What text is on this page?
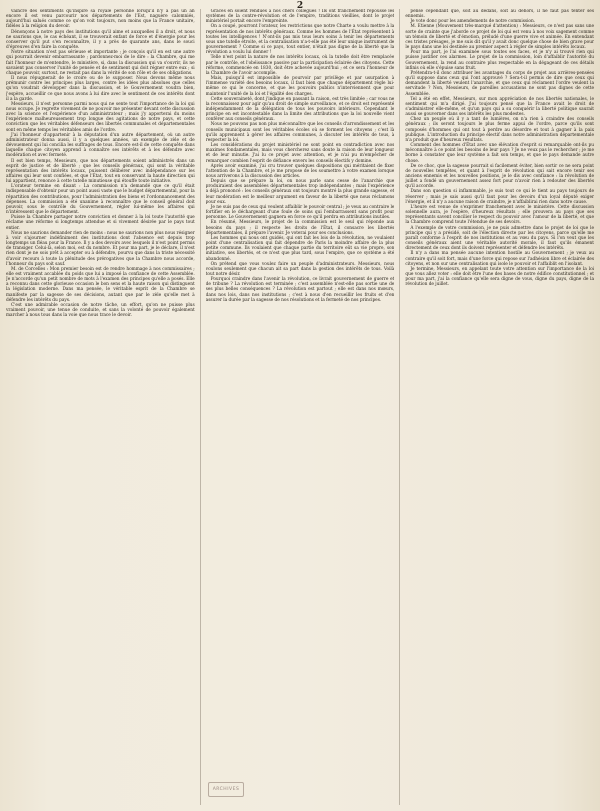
2

vaincre des sentiments qu'inspire sa royale personne lorsqu'il n'y a pas un an encore il est venu parcourir nos départements de l'Est, naguère calomniés, aujourd'hui salués comme ce qu'on voit toujours, non moins que la France unitaire, fidèles à la religion du devoir.

Dénonçons à notre pays des institutions qu'il aime et auxquelles il a droit, et nous ne saurions que, le cas échéant, il se trouverait enfant de force et d'énergie pour les conserver qu'il put s'en reconnaître, il y a près de quarante ans, dans le souci d'épreuves d'en faire la conquête.

Notre situation n'est pas sérieuse et importante ; je conçois qu'il en est une autre qui pourrait devenir embarrassante ; pardonnez-moi de le dire : la Chambre, qui me fait l'honneur de m'entendre, le ministère, si, dans la discussion qui va s'ouvrir, ils ne savaient pas conserver l'unité de pensée et de sentiment qui doit régner entre eux ; si chaque pouvoir, surtout, ne restait pas dans la vérité de son rôle et de ses obligations.

Il nous répugnerait de le croire ou de le supposer. Nous devons même nous prémunir contre les principes plus larges, contre les idées plus absolues que celles qu'on voudrait développer dans la discussion, et le Gouvernement voudra bien, j'espère, accueillir ce que nous avons à lui dire avec le sentiment de ces intérêts dont il a la garde.

Messieurs, il n'est personne parmi nous qui ne sente tout l'importance de la loi qui nous occupe. Je regrette vivement de ne pouvoir me présenter devant cette discussion avec la science et l'expérience d'un administrateur ; mais j'y apporterai du moins l'expérience malheureusement trop longue des agitations de notre pays, et cette conviction que les véritables défenseurs des libertés communales et départementales sont en même temps les véritables amis de l'ordre.

J'ai l'honneur d'appartenir à la députation d'un autre département, où un autre administrateur donna aussi, il y a quelques années, un exemple de zèle et de dévouement qui lui concilia les suffrages de tous. Encore est-il de cette conquête dans laquelle chaque citoyen apprend à connaître ses intérêts et à les défendre avec modération et avec fermeté.

Il est bien temps, Messieurs, que nos départements soient administrés dans un esprit de justice et de liberté ; que les conseils généraux, qui sont la véritable représentation des intérêts locaux, puissent délibérer avec indépendance sur les affaires qui leur sont confiées, et que l'État, tout en conservant la haute direction qui lui appartient, renonce à cette tutelle minutieuse qui étouffe toute initiative.

L'orateur termine en disant : La commission n'a demandé que ce qu'il était indispensable d'obtenir pour un point aussi vaste que le budget départemental, pour la répartition des contributions, pour l'administration des biens et l'ordonnancement des dépenses. La commission a été unanime à reconnaître que le conseil général doit pouvoir, sous le contrôle du Gouvernement, régler lui-même les affaires qui n'intéressent que le département.

Puisse la Chambre partager notre conviction et donner à la loi toute l'autorité que réclame une réforme si longtemps attendue et si vivement désirée par le pays tout entier.

Nous ne saurions demander rien de moins : nous ne saurions non plus nous résigner à voir s'ajourner indéfiniment des institutions dont l'absence est depuis trop longtemps un fléau pour la France. Il y a des devoirs avec lesquels il n'est point permis de transiger. Celui-là, selon moi, est du nombre. Et pour ma part, je le déclare, il n'est rien dont je ne sois prêt à accepter ou à défendre, pourvu que dans la triste nécessité d'avoir recours à toute la plénitude des prérogatives que la Chambre nous accorde, l'honneur du pays soit sauf.

M. de Corcelles : Mon premier besoin est de rendre hommage à nos commissaires ; elle est vraiment accablée du poids que lui a imposé la confiance de cette Assemblée. Je n'accorde qu'un petit nombre de mots à l'examen des principes qu'elle a posés. Elle a reconnu dans cette glorieuse occasion le bon sens et la haute raison qui distinguent la législation moderne. Dans ma pensée, le véritable esprit de la Chambre se manifeste par la sagesse de ses décisions, autant que par le zèle qu'elle met à défendre les intérêts du pays.

C'est une admirable occasion de notre tâche, un effort, qu'on ne puisse plus vraiment pouvoir, une tenue de conduite, et sans la volonté de pouvoir également marcher à nous tous dans la voie que nous trace le devoir.

Grâces en soient rendues à nos chers collègues ! Ils ont franchement repoussé les systèmes de la contre-révolution et de l'empire, traditions vieillies, dont le projet ministériel portait encore l'empreinte.

On a coupé, pourront l'orateur, les restrictions que notre Charte a voulu mettre à la représentation de nos intérêts généraux. Comme les hommes de l'État représentent à toutes les intelligences ! N'ont-ils pas mis tous leurs soins à tenir les départements sous une tutelle étroite, et la centralisation n'a-t-elle pas été leur unique instrument de gouvernement ? Comme si ce pays, tout entier, n'était pas digne de la liberté que la révolution a voulu lui donner !

Telle n'est point la nature de nos intérêts locaux, où la tutelle doit être remplacée par le contrôle, et l'obéissance passive par la participation éclairée des citoyens. Cette réforme, commencée en 1830, doit être achevée aujourd'hui ; et ce sera l'honneur de la Chambre de l'avoir accomplie.

Mais, puisqu'il est impossible de pourvoir par privilège et par usurpation à l'immense variété des besoins locaux, il faut bien que chaque département règle lui-même ce qui le concerne, et que les pouvoirs publics n'interviennent que pour maintenir l'unité de la loi et l'égalité des charges.

Cette souveraineté, dont j'indique en passant la raison, est très limitée ; car vous ne la reconnaissez pour agir qu'au droit de simple surveillance, et ce droit est représenté indépendamment de la délégation de tous les pouvoirs intérieurs. Cependant le principe en est incontestable dans la limite des attributions que la loi nouvelle vient conférer aux conseils généraux.

Nous ne pouvons pas non plus méconnaître que les conseils d'arrondissement et les conseils municipaux sont les véritables écoles où se forment les citoyens ; c'est là qu'ils apprennent à gérer les affaires communes, à discuter les intérêts de tous, à respecter la loi.

Les considérations du projet ministériel ne sont point en contradiction avec nos maximes fondamentales, mais vous chercherez sans doute la raison de leur longueur et de leur minutie. J'ai lu ce projet avec attention, et je n'ai pu m'empêcher de remarquer combien l'esprit de défiance envers les conseils électifs y domine.

Après avoir examiné, j'ai cru trouver quelques dispositions qui méritaient de fixer l'attention de la Chambre, et je me propose de les soumettre à votre examen lorsque nous arriverons à la discussion des articles.

Depuis que se prépare la loi, on nous parle sans cesse de l'anarchie que produiraient des assemblées départementales trop indépendantes ; mais l'expérience a déjà prononcé : les conseils généraux ont toujours montré la plus grande sagesse, et leur modération est le meilleur argument en faveur de la liberté que nous réclamons pour eux.

Je ne suis pas de ceux qui veulent affaiblir le pouvoir central ; je veux au contraire le fortifier en le déchargeant d'une foule de soins qui l'embarrassent sans profit pour personne. Le Gouvernement gagnera en force ce qu'il perdra en attributions inutiles.

En résumé, Messieurs, le projet de la commission est le seul qui réponde aux besoins du pays ; il respecte les droits de l'État, il consacre les libertés départementales, il prépare l'avenir. Je voterai pour ses conclusions.

Les hommes qui nous ont guidés, qui ont fait les lois de la révolution, ne voulaient point d'une centralisation qui fait dépendre de Paris la moindre affaire de la plus petite commune. Ils voulaient que chaque partie du territoire eût sa vie propre, son initiative, ses libertés, et ce n'est que plus tard, sous l'empire, que ce système a été abandonné.

On prétend que vous voulez faire un peuple d'administrateurs. Messieurs, nous voulons seulement que chacun ait sa part dans la gestion des intérêts de tous. Voilà tout notre désir.

Pourquoi craindre dans l'avenir la révolution, ce livrait gouvernement de guerre et de tribune ? La révolution est terminée ; c'est assemblée n'est-elle pas sortie une de ses plus belles conséquences ? La révolution est partout ; elle est dans nos mœurs, dans nos lois, dans nos institutions ; c'est à nous d'en recueillir les fruits et d'en assurer la durée par la sagesse de nos résolutions et la fermeté de nos principes.

pense cependant que, soit au dedans, soit au dehors, il ne faut pas tenter ses ennemis.

Je vote donc pour les amendements de notre commission.

M. Etienne (Mouvement très-marqué d'attention) : Messieurs, ce n'est pas sans une sorte de crainte que j'aborde ce projet de loi qui est venu à nos voix sagement comme un témoin de liberté et d'émotion, préludé d'une guerre vive et animée. En entendant ces tristes présages, je me suis dit qu'il y avait donc quelque chose de bien grave pour le pays dans une loi destinée au premier aspect à régler de simples intérêts locaux.

Pour ma part, je l'ai examinée sous toutes ses faces, et je n'y ai trouvé rien qui puisse justifier ces alarmes. Le projet de la commission, loin d'affaiblir l'autorité du Gouvernement, la rend au contraire plus respectable en la dégageant de ces détails infinis où elle s'épuise sans fruit.

Prétendra-t-il donc attribuer les avantages du corps de projet aux arrières-pensées qu'il suppose dans ceux qui l'ont approuvé ? Sera-t-il permis de dire que ceux qui demandent la liberté veulent l'anarchie, et que ceux qui réclament l'ordre veulent la servitude ? Non, Messieurs, de pareilles accusations ne sont pas dignes de cette Assemblée.

Tel a été en effet, Messieurs, sur mon appréciation de nos libertés nationales, le sentiment qui m'a dirigé. J'ai toujours pensé que la France avait le droit de s'administrer elle-même, et qu'un pays qui a su conquérir la liberté politique saurait aussi se gouverner dans ses intérêts les plus modestes.

Chez un peuple où il y a tant de lumières, on n'a rien à craindre des conseils généraux ; ils seront toujours le plus ferme appui de l'ordre, parce qu'ils sont composés d'hommes qui ont tout à perdre au désordre et tout à gagner à la paix publique. L'introduction du principe électif dans notre administration départementale n'a produit que d'heureux résultats.

Comment des hommes d'État avec une élévation d'esprit si remarquable ont-ils pu méconnaître à ce point les besoins de leur pays ? Je ne veux pas le rechercher ; je me borne à constater que leur système a fait son temps, et que le pays demande autre chose.

De ce choc, que la sagesse pourrait si facilement éviter, bien sortir ce ne sera point de nouvelles tempêtes, et quant à l'esprit de révolution qui sait encore tenir ses anciens ennemis et les nouvelles positions, je le dis avec confiance : la révolution de juillet a fondé un gouvernement assez fort pour n'avoir rien à redouter des libertés qu'il accorde.

Dans son question si inflammable, je suis tout ce qui le tient au pays toujours de réserver ; mais je sais aussi qu'il faut pour les devoirs d'un loyal député exiger l'énergie, et il n'y a aucune raison de craindre, je n'affaiblirai rien dans notre cause.

L'heure est venue de s'exprimer franchement avec le ministère. Cette discussion solennelle aura, je l'espère, d'heureux résultats ; elle prouvera au pays que ses représentants savent concilier le respect du pouvoir avec l'amour de la liberté, et que la Chambre comprend toute l'étendue de ses devoirs.

A l'exemple de votre commission, je ne puis admettre dans le projet de loi que le principe qui y a présidé, soit de l'élection directe par les citoyens, parce qu'elle me paraît conforme à l'esprit de nos institutions et au vœu du pays. Si l'on veut que les conseils généraux aient une véritable autorité morale, il faut qu'ils émanent directement de ceux dont ils doivent représenter et défendre les intérêts.

Il n'y a dans ma pensée aucune intention hostile au Gouvernement ; je veux au contraire qu'il soit fort, mais d'une force qui repose sur l'adhésion libre et éclairée des citoyens, et non sur une centralisation qui isole le pouvoir et l'affaiblit en l'isolant.

Je termine, Messieurs, en appelant toute votre attention sur l'importance de la loi que vous allez voter : elle doit être l'une des bases de notre édifice constitutionnel ; et pour ma part, j'ai la confiance qu'elle sera digne de vous, digne du pays, digne de la révolution de juillet.

ARCHIVES
